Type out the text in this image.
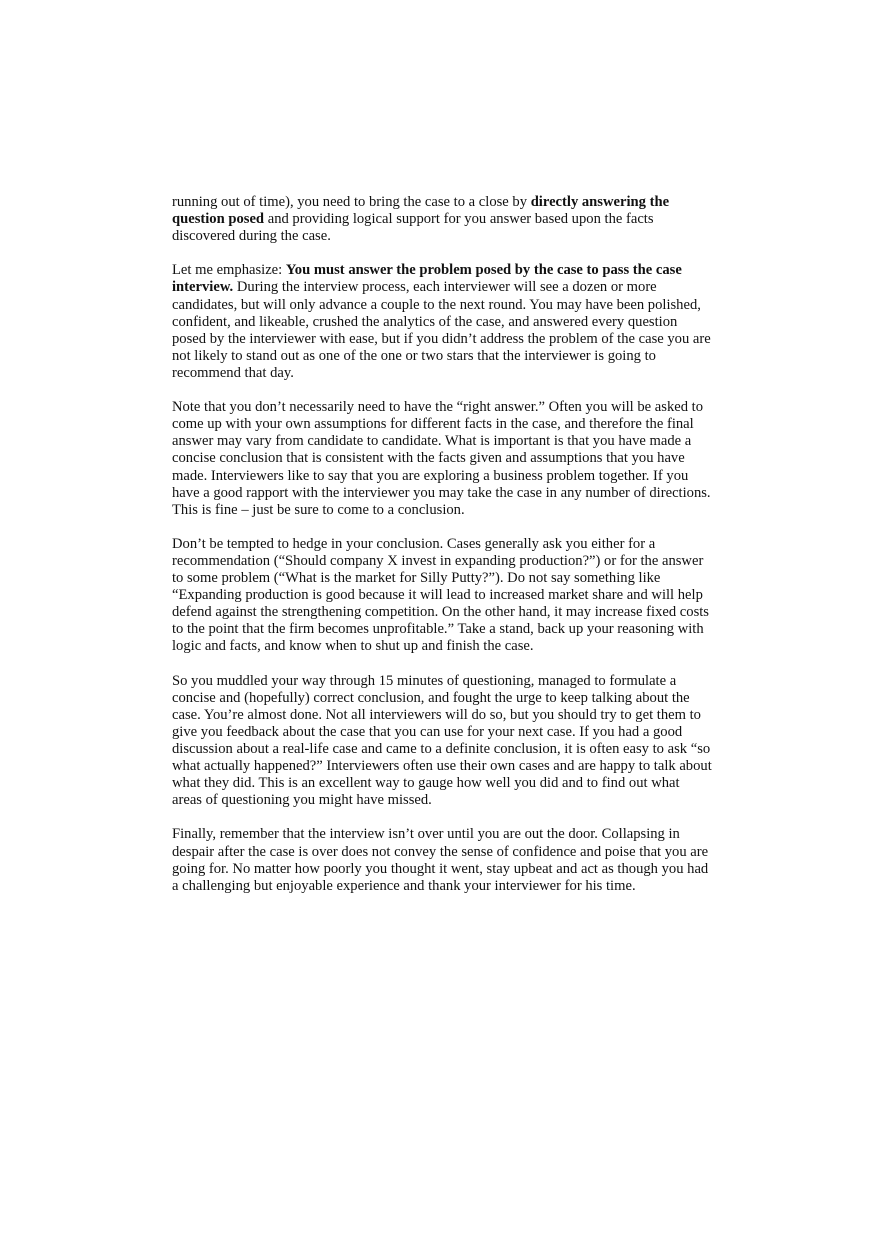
running out of time), you need to bring the case to a close by directly answering the question posed and providing logical support for you answer based upon the facts discovered during the case.

Let me emphasize: You must answer the problem posed by the case to pass the case interview. During the interview process, each interviewer will see a dozen or more candidates, but will only advance a couple to the next round. You may have been polished, confident, and likeable, crushed the analytics of the case, and answered every question posed by the interviewer with ease, but if you didn’t address the problem of the case you are not likely to stand out as one of the one or two stars that the interviewer is going to recommend that day.

Note that you don’t necessarily need to have the “right answer.” Often you will be asked to come up with your own assumptions for different facts in the case, and therefore the final answer may vary from candidate to candidate. What is important is that you have made a concise conclusion that is consistent with the facts given and assumptions that you have made. Interviewers like to say that you are exploring a business problem together. If you have a good rapport with the interviewer you may take the case in any number of directions. This is fine – just be sure to come to a conclusion.

Don’t be tempted to hedge in your conclusion. Cases generally ask you either for a recommendation (“Should company X invest in expanding production?”) or for the answer to some problem (“What is the market for Silly Putty?”). Do not say something like “Expanding production is good because it will lead to increased market share and will help defend against the strengthening competition. On the other hand, it may increase fixed costs to the point that the firm becomes unprofitable.” Take a stand, back up your reasoning with logic and facts, and know when to shut up and finish the case.

So you muddled your way through 15 minutes of questioning, managed to formulate a concise and (hopefully) correct conclusion, and fought the urge to keep talking about the case. You’re almost done. Not all interviewers will do so, but you should try to get them to give you feedback about the case that you can use for your next case. If you had a good discussion about a real-life case and came to a definite conclusion, it is often easy to ask “so what actually happened?” Interviewers often use their own cases and are happy to talk about what they did. This is an excellent way to gauge how well you did and to find out what areas of questioning you might have missed.

Finally, remember that the interview isn’t over until you are out the door. Collapsing in despair after the case is over does not convey the sense of confidence and poise that you are going for. No matter how poorly you thought it went, stay upbeat and act as though you had a challenging but enjoyable experience and thank your interviewer for his time.
